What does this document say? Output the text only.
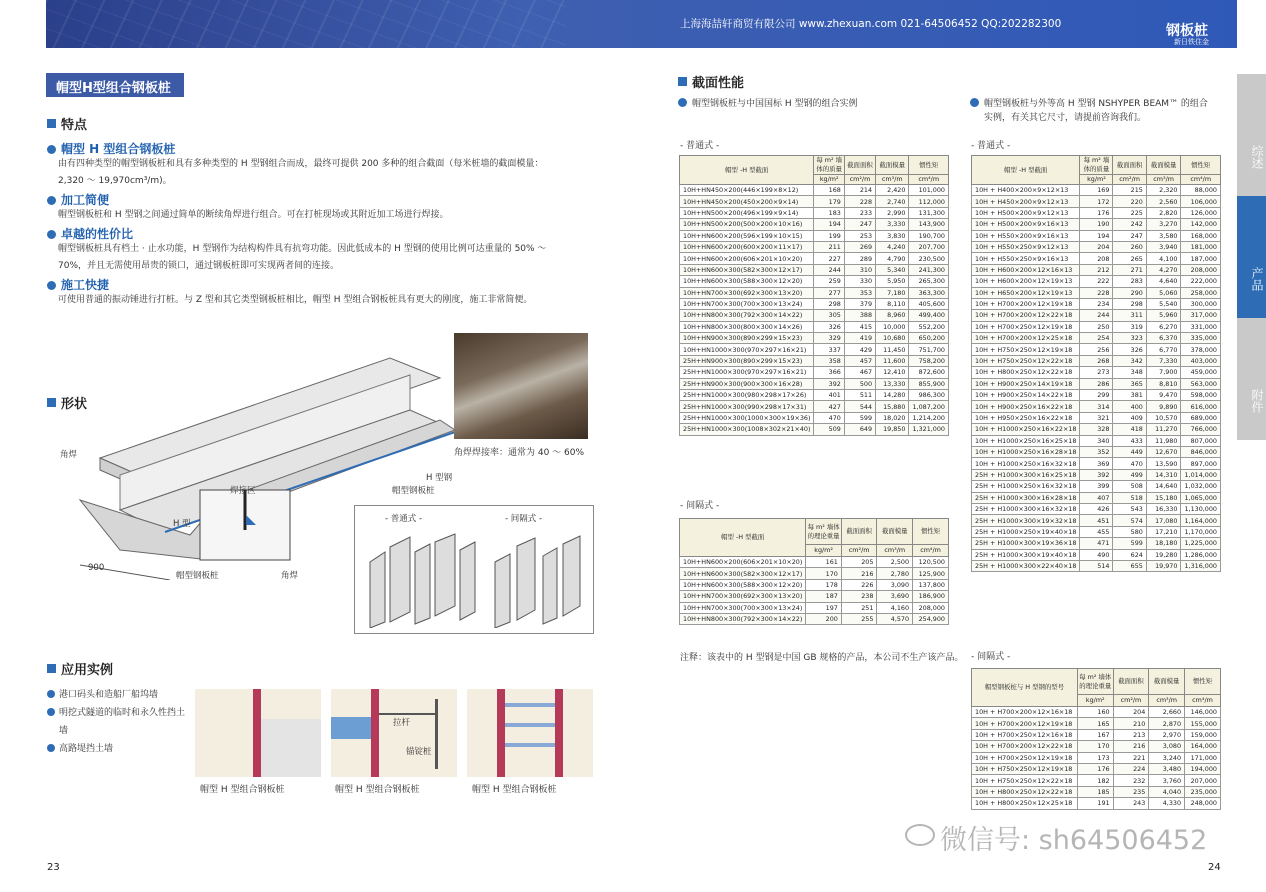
上海海喆轩商贸有限公司 www.zhexuan.com 021-64506452 QQ:202282300	钢板桩
新日铁住金
综述
产品
附件
帽型H型组合钢板桩
特点
帽型 H 型组合钢板桩
由有四种类型的帽型钢板桩和具有多种类型的 H 型钢组合而成，最终可提供 200 多种的组合截面（每米桩墙的截面模量：
2,320 ～ 19,970cm³/m)。
加工简便
帽型钢板桩和 H 型钢之间通过简单的断续角焊进行组合。可在打桩现场或其附近加工场进行焊接。
卓越的性价比
帽型钢板桩具有档土 · 止水功能，H 型钢作为结构构件具有抗弯功能。因此低成本的 H 型钢的使用比例可达重量的 50% ～
70%，并且无需使用昂贵的锁口，通过钢板桩即可实现两者间的连接。
施工快捷
可使用普通的振动锤进行打桩。与 Z 型和其它类型钢板桩相比，帽型 H 型组合钢板桩具有更大的刚度，施工非常简便。
形状
角焊
H 型
焊接区
帽型钢板桩	角焊
900
H 型钢
帽型钢板桩
角焊焊接率：通常为 40 ～ 60%
- 普通式 -	- 间隔式 -
应用实例
港口码头和造船厂船坞墙
明挖式隧道的临时和永久性挡土墙
高路堤挡土墙
帽型 H 型组合钢板桩
拉杆
锚锭桩
帽型 H 型组合钢板桩	帽型 H 型组合钢板桩
截面性能
帽型钢板桩与中国国标 H 型钢的组合实例	帽型钢板桩与外等高 H 型钢 NSHYPER BEAM™ 的组合
实例，有关其它尺寸，请提前咨询我们。
- 普通式 -
帽型 -H 型截面	每 m² 墙体的质量	截面面积	截面模量	惯性矩
	kg/m²	cm²/m	cm³/m	cm⁴/m
10H+HN450×200(446×199×8×12)	168	214	2,420	101,000
10H+HN450×200(450×200×9×14)	179	228	2,740	112,000
10H+HN500×200(496×199×9×14)	183	233	2,990	131,300
10H+HN500×200(500×200×10×16)	194	247	3,330	143,900
10H+HN600×200(596×199×10×15)	199	253	3,830	190,700
10H+HN600×200(600×200×11×17)	211	269	4,240	207,700
10H+HN600×200(606×201×10×20)	227	289	4,790	230,500
10H+HN600×300(582×300×12×17)	244	310	5,340	241,300
10H+HN600×300(588×300×12×20)	259	330	5,950	265,300
10H+HN700×300(692×300×13×20)	277	353	7,180	363,300
10H+HN700×300(700×300×13×24)	298	379	8,110	405,600
10H+HN800×300(792×300×14×22)	305	388	8,960	499,400
10H+HN800×300(800×300×14×26)	326	415	10,000	552,200
10H+HN900×300(890×299×15×23)	329	419	10,680	650,200
10H+HN1000×300(970×297×16×21)	337	429	11,450	751,700
25H+HN900×300(890×299×15×23)	358	457	11,600	758,200
25H+HN1000×300(970×297×16×21)	366	467	12,410	872,600
25H+HN900×300(900×300×16×28)	392	500	13,330	855,900
25H+HN1000×300(980×298×17×26)	401	511	14,280	986,300
25H+HN1000×300(990×298×17×31)	427	544	15,880	1,087,200
25H+HN1000×300(1000×300×19×36)	470	599	18,020	1,214,200
25H+HN1000×300(1008×302×21×40)	509	649	19,850	1,321,000
- 间隔式 -
帽型 -H 型截面	每 m² 墙体的理论重量	截面面积	截面模量	惯性矩
	kg/m²	cm²/m	cm³/m	cm⁴/m
10H+HN600×200(606×201×10×20)	161	205	2,500	120,500
10H+HN600×300(582×300×12×17)	170	216	2,780	125,900
10H+HN600×300(588×300×12×20)	178	226	3,090	137,800
10H+HN700×300(692×300×13×20)	187	238	3,690	186,900
10H+HN700×300(700×300×13×24)	197	251	4,160	208,000
10H+HN800×300(792×300×14×22)	200	255	4,570	254,900
注释：该表中的 H 型钢是中国 GB 规格的产品，本公司不生产该产品。
- 普通式 -
帽型 -H 型截面	每 m² 墙体的质量	截面面积	截面模量	惯性矩
	kg/m²	cm²/m	cm³/m	cm⁴/m
10H + H400×200×9×12×13	169	215	2,320	88,000
10H + H450×200×9×12×13	172	220	2,560	106,000
10H + H500×200×9×12×13	176	225	2,820	126,000
10H + H500×200×9×16×13	190	242	3,270	142,000
10H + H550×200×9×16×13	194	247	3,580	168,000
10H + H550×250×9×12×13	204	260	3,940	181,000
10H + H550×250×9×16×13	208	265	4,100	187,000
10H + H600×200×12×16×13	212	271	4,270	208,000
10H + H600×200×12×19×13	222	283	4,640	222,000
10H + H650×200×12×19×13	228	290	5,060	258,000
10H + H700×200×12×19×18	234	298	5,540	300,000
10H + H700×200×12×22×18	244	311	5,960	317,000
10H + H700×250×12×19×18	250	319	6,270	331,000
10H + H700×200×12×25×18	254	323	6,370	335,000
10H + H750×250×12×19×18	256	326	6,770	378,000
10H + H750×250×12×22×18	268	342	7,330	403,000
10H + H800×250×12×22×18	273	348	7,900	459,000
10H + H900×250×14×19×18	286	365	8,810	563,000
10H + H900×250×14×22×18	299	381	9,470	598,000
10H + H900×250×16×22×18	314	400	9,890	616,000
10H + H950×250×16×22×18	321	409	10,570	689,000
10H + H1000×250×16×22×18	328	418	11,270	766,000
10H + H1000×250×16×25×18	340	433	11,980	807,000
10H + H1000×250×16×28×18	352	449	12,670	846,000
10H + H1000×250×16×32×18	369	470	13,590	897,000
25H + H1000×300×16×25×18	392	499	14,310	1,014,000
25H + H1000×250×16×32×18	399	508	14,640	1,032,000
25H + H1000×300×16×28×18	407	518	15,180	1,065,000
25H + H1000×300×16×32×18	426	543	16,330	1,130,000
25H + H1000×300×19×32×18	451	574	17,080	1,164,000
25H + H1000×250×19×40×18	455	580	17,210	1,170,000
25H + H1000×300×19×36×18	471	599	18,180	1,225,000
25H + H1000×300×19×40×18	490	624	19,280	1,286,000
25H + H1000×300×22×40×18	514	655	19,970	1,316,000
- 间隔式 -
帽型钢板桩与 H 型钢的型号	每 m² 墙体的理论重量	截面面积	截面模量	惯性矩
	kg/m²	cm²/m	cm³/m	cm⁴/m
10H + H700×200×12×16×18	160	204	2,660	146,000
10H + H700×200×12×19×18	165	210	2,870	155,000
10H + H700×250×12×16×18	167	213	2,970	159,000
10H + H700×200×12×22×18	170	216	3,080	164,000
10H + H700×250×12×19×18	173	221	3,240	171,000
10H + H750×250×12×19×18	176	224	3,480	194,000
10H + H750×250×12×22×18	182	232	3,760	207,000
10H + H800×250×12×22×18	185	235	4,040	235,000
10H + H800×250×12×25×18	191	243	4,330	248,000
微信号: sh64506452
23	24
